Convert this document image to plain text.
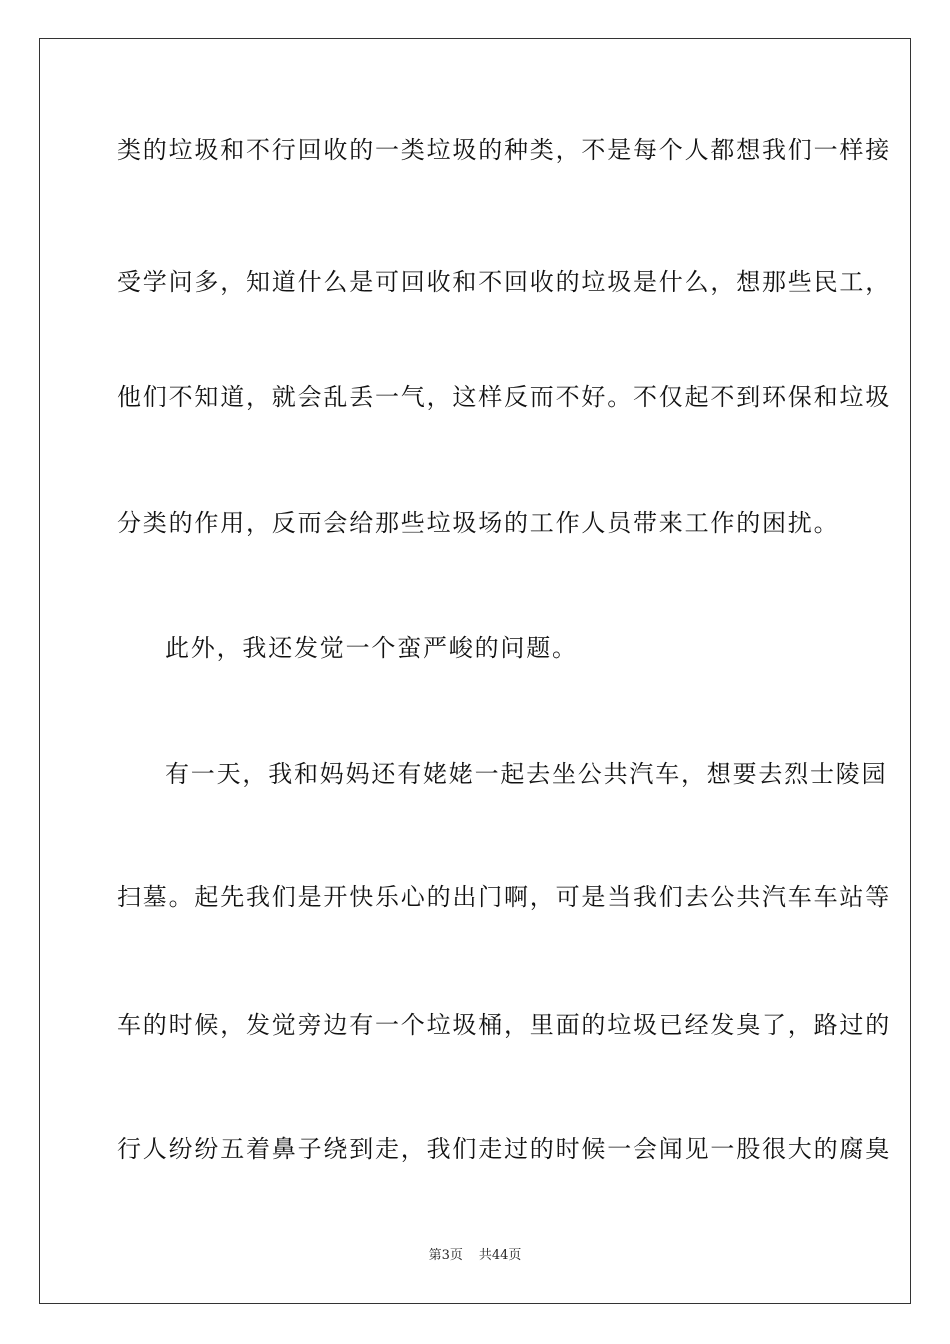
类的垃圾和不行回收的一类垃圾的种类，不是每个人都想我们一样接
受学问多，知道什么是可回收和不回收的垃圾是什么，想那些民工，
他们不知道，就会乱丢一气，这样反而不好。不仅起不到环保和垃圾
分类的作用，反而会给那些垃圾场的工作人员带来工作的困扰。
此外，我还发觉一个蛮严峻的问题。
有一天，我和妈妈还有姥姥一起去坐公共汽车，想要去烈士陵园
扫墓。起先我们是开快乐心的出门啊，可是当我们去公共汽车车站等
车的时候，发觉旁边有一个垃圾桶，里面的垃圾已经发臭了，路过的
行人纷纷五着鼻子绕到走，我们走过的时候一会闻见一股很大的腐臭
第3页 共44页
